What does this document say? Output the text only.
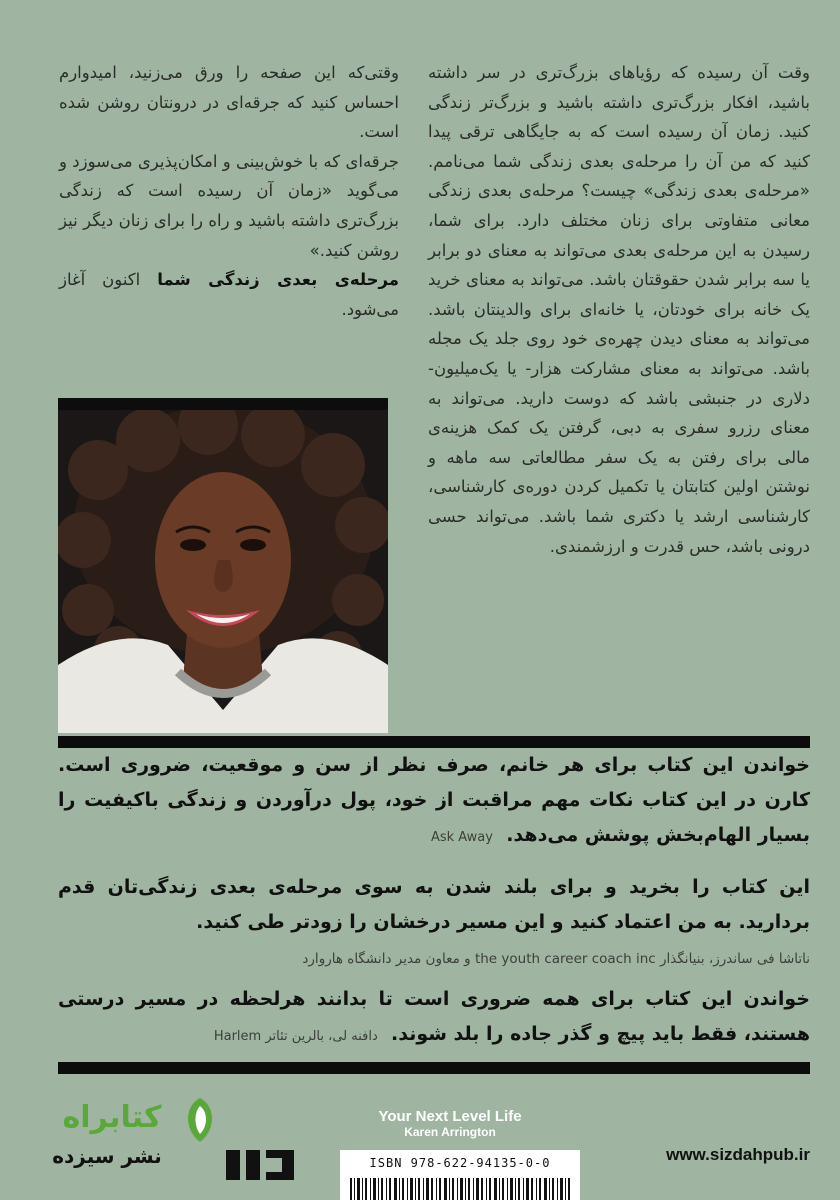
وقت آن رسیده که رؤیاهای بزرگ‌تری در سر داشته باشید، افکار بزرگ‌تری داشته باشید و بزرگ‌تر زندگی کنید. زمان آن رسیده است که به جایگاهی ترقی پیدا کنید که من آن را مرحله‌ی بعدی زندگی شما می‌نامم. «مرحله‌ی بعدی زندگی» چیست؟ مرحله‌ی بعدی زندگی معانی متفاوتی برای زنان مختلف دارد. برای شما، رسیدن به این مرحله‌ی بعدی می‌تواند به معنای دو برابر یا سه برابر شدن حقوقتان باشد. می‌تواند به معنای خرید یک خانه برای خودتان، یا خانه‌ای برای والدینتان باشد. می‌تواند به معنای دیدن چهره‌ی خود روی جلد یک مجله باشد. می‌تواند به معنای مشارکت هزار- یا یک‌میلیون- دلاری در جنبشی باشد که دوست دارید. می‌تواند به معنای رزرو سفری به دبی، گرفتن یک کمک هزینه‌ی مالی برای رفتن به یک سفر مطالعاتی سه ماهه و نوشتن اولین کتابتان یا تکمیل کردن دوره‌ی کارشناسی، کارشناسی ارشد یا دکتری شما باشد. می‌تواند حسی درونی باشد، حس قدرت و ارزشمندی.

وقتی‌که این صفحه را ورق می‌زنید، امیدوارم احساس کنید که جرقه‌ای در درونتان روشن شده است.

جرقه‌ای که با خوش‌بینی و امکان‌پذیری می‌سوزد و می‌گوید «زمان آن رسیده است که زندگی بزرگ‌تری داشته باشید و راه را برای زنان دیگر نیز روشن کنید.»

مرحله‌ی بعدی زندگی شما اکنون آغاز می‌شود.

خواندن این کتاب برای هر خانم، صرف نظر از سن و موقعیت، ضروری است. کارن در این کتاب نکات مهم مراقبت از خود، پول درآوردن و زندگی باکیفیت را بسیار الهام‌بخش پوشش می‌دهد.  Ask Away

این کتاب را بخرید و برای بلند شدن به سوی مرحله‌ی بعدی زندگی‌تان قدم بردارید. به من اعتماد کنید و این مسیر درخشان را زودتر طی کنید.

ناتاشا فی ساندرز، بنیانگذار the youth career coach inc و معاون مدیر دانشگاه هاروارد

خواندن این کتاب برای همه ضروری است تا بدانند هرلحظه در مسیر درستی هستند، فقط باید پیچ و گذر جاده را بلد شوند.  دافنه لی، بالرین تئاتر Harlem

کتابراه
نشر سیزده
Your Next Level Life
Karen Arrington
ISBN 978-622-94135-0-0	www.sizdahpub.ir
